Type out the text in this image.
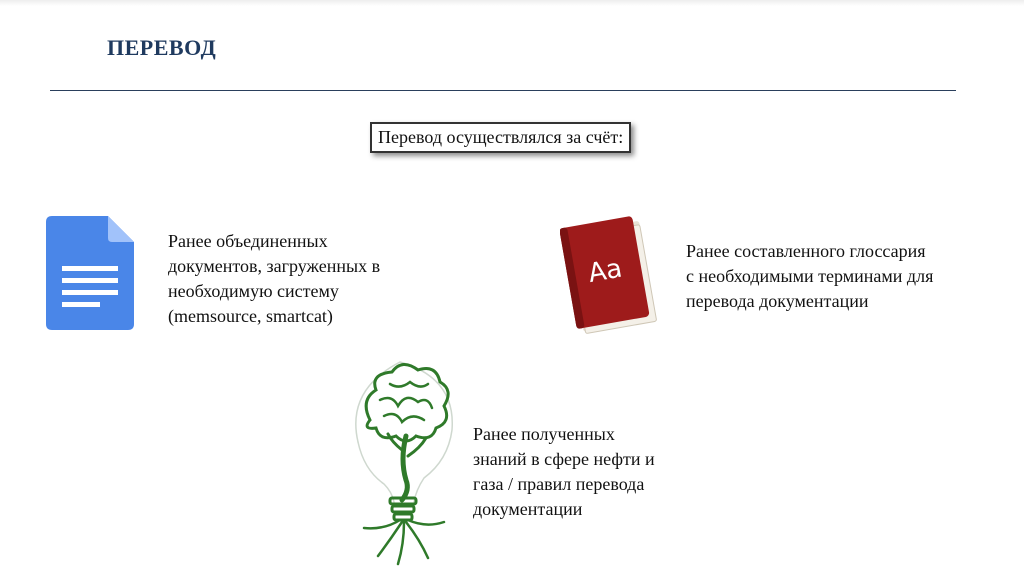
ПЕРЕВОД
Перевод осуществлялся за счёт:
Ранее объединенных
документов, загруженных в
необходимую систему
(memsource, smartcat)
Aa
Ранее составленного глоссария
с необходимыми терминами для
перевода документации
Ранее полученных
знаний в сфере нефти и
газа / правил перевода
документации
